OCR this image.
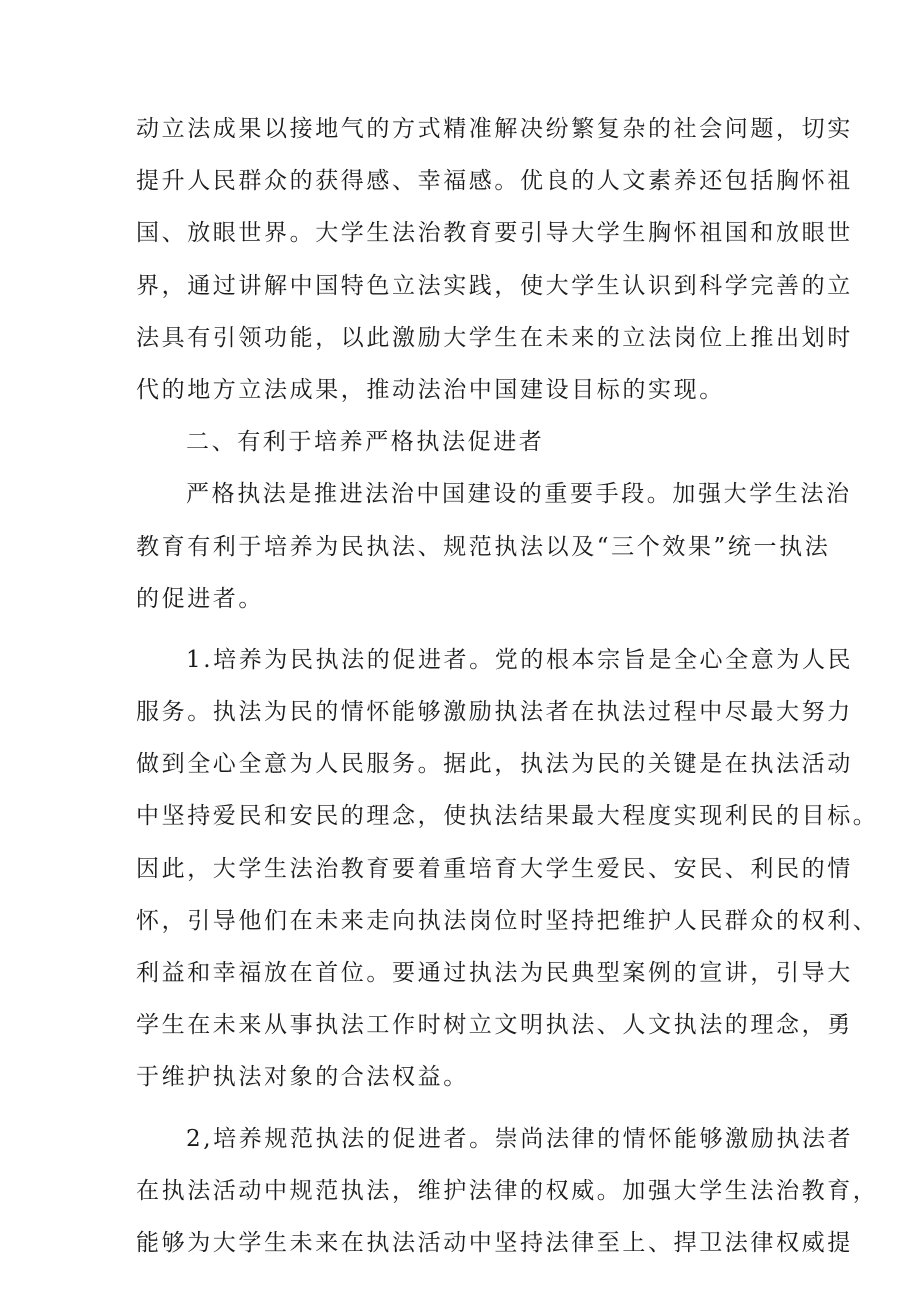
动立法成果以接地气的方式精准解决纷繁复杂的社会问题，切实
提升人民群众的获得感、幸福感。优良的人文素养还包括胸怀祖
国、放眼世界。大学生法治教育要引导大学生胸怀祖国和放眼世
界，通过讲解中国特色立法实践，使大学生认识到科学完善的立
法具有引领功能，以此激励大学生在未来的立法岗位上推出划时
代的地方立法成果，推动法治中国建设目标的实现。
二、有利于培养严格执法促进者
严格执法是推进法治中国建设的重要手段。加强大学生法治
教育有利于培养为民执法、规范执法以及“三个效果”统一执法
的促进者。
1.培养为民执法的促进者。党的根本宗旨是全心全意为人民
服务。执法为民的情怀能够激励执法者在执法过程中尽最大努力
做到全心全意为人民服务。据此，执法为民的关键是在执法活动
中坚持爱民和安民的理念，使执法结果最大程度实现利民的目标。
因此，大学生法治教育要着重培育大学生爱民、安民、利民的情
怀，引导他们在未来走向执法岗位时坚持把维护人民群众的权利、
利益和幸福放在首位。要通过执法为民典型案例的宣讲，引导大
学生在未来从事执法工作时树立文明执法、人文执法的理念，勇
于维护执法对象的合法权益。
2,培养规范执法的促进者。崇尚法律的情怀能够激励执法者
在执法活动中规范执法，维护法律的权威。加强大学生法治教育，
能够为大学生未来在执法活动中坚持法律至上、捍卫法律权威提
